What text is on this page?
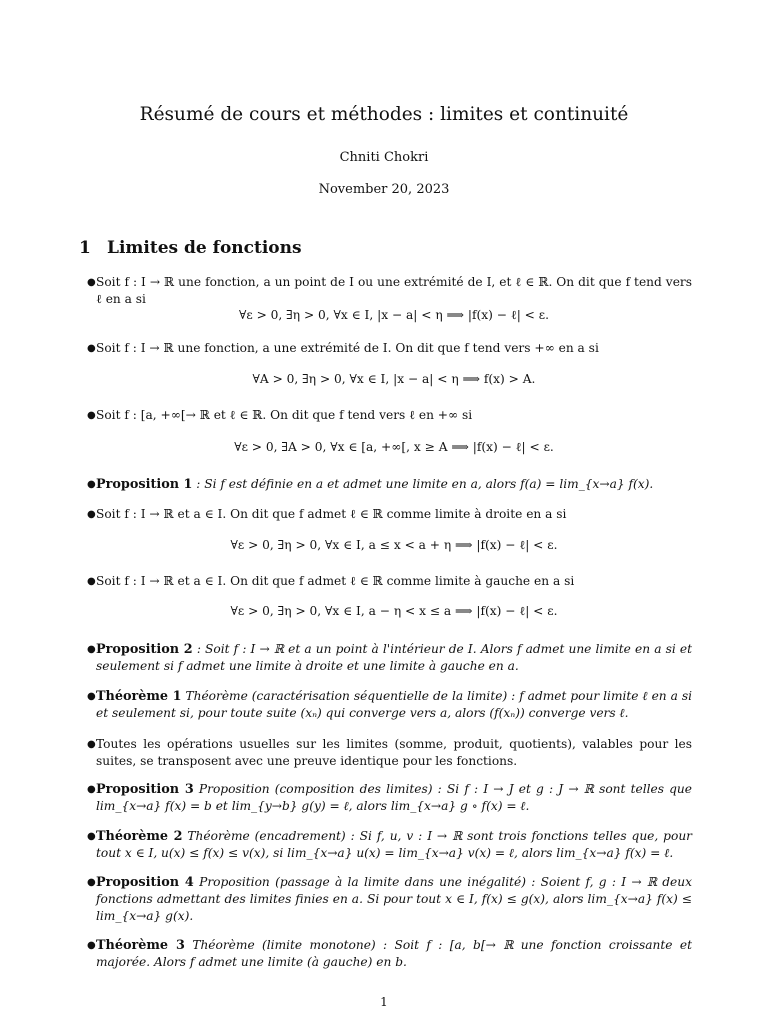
Résumé de cours et méthodes : limites et continuité
Chniti Chokri
November 20, 2023
1 Limites de fonctions
● Soit f : I → ℝ une fonction, a un point de I ou une extrémité de I, et ℓ ∈ ℝ. On dit que f tend vers ℓ en a si
∀ε > 0, ∃η > 0, ∀x ∈ I, |x − a| < η ⟹ |f(x) − ℓ| < ε.
● Soit f : I → ℝ une fonction, a une extrémité de I. On dit que f tend vers +∞ en a si
∀A > 0, ∃η > 0, ∀x ∈ I, |x − a| < η ⟹ f(x) > A.
● Soit f : [a, +∞[→ ℝ et ℓ ∈ ℝ. On dit que f tend vers ℓ en +∞ si
∀ε > 0, ∃A > 0, ∀x ∈ [a, +∞[, x ≥ A ⟹ |f(x) − ℓ| < ε.
● Proposition 1 : Si f est définie en a et admet une limite en a, alors f(a) = lim_{x→a} f(x).
● Soit f : I → ℝ et a ∈ I. On dit que f admet ℓ ∈ ℝ comme limite à droite en a si
∀ε > 0, ∃η > 0, ∀x ∈ I, a ≤ x < a + η ⟹ |f(x) − ℓ| < ε.
● Soit f : I → ℝ et a ∈ I. On dit que f admet ℓ ∈ ℝ comme limite à gauche en a si
∀ε > 0, ∃η > 0, ∀x ∈ I, a − η < x ≤ a ⟹ |f(x) − ℓ| < ε.
● Proposition 2 : Soit f : I → ℝ et a un point à l'intérieur de I. Alors f admet une limite en a si et seulement si f admet une limite à droite et une limite à gauche en a.
● Théorème 1 Théorème (caractérisation séquentielle de la limite) : f admet pour limite ℓ en a si et seulement si, pour toute suite (xₙ) qui converge vers a, alors (f(xₙ)) converge vers ℓ.
● Toutes les opérations usuelles sur les limites (somme, produit, quotients), valables pour les suites, se transposent avec une preuve identique pour les fonctions.
● Proposition 3 Proposition (composition des limites) : Si f : I → J et g : J → ℝ sont telles que lim_{x→a} f(x) = b et lim_{y→b} g(y) = ℓ, alors lim_{x→a} g ∘ f(x) = ℓ.
● Théorème 2 Théorème (encadrement) : Si f, u, v : I → ℝ sont trois fonctions telles que, pour tout x ∈ I, u(x) ≤ f(x) ≤ v(x), si lim_{x→a} u(x) = lim_{x→a} v(x) = ℓ, alors lim_{x→a} f(x) = ℓ.
● Proposition 4 Proposition (passage à la limite dans une inégalité) : Soient f, g : I → ℝ deux fonctions admettant des limites finies en a. Si pour tout x ∈ I, f(x) ≤ g(x), alors lim_{x→a} f(x) ≤ lim_{x→a} g(x).
● Théorème 3 Théorème (limite monotone) : Soit f : [a, b[→ ℝ une fonction croissante et majorée. Alors f admet une limite (à gauche) en b.
1
